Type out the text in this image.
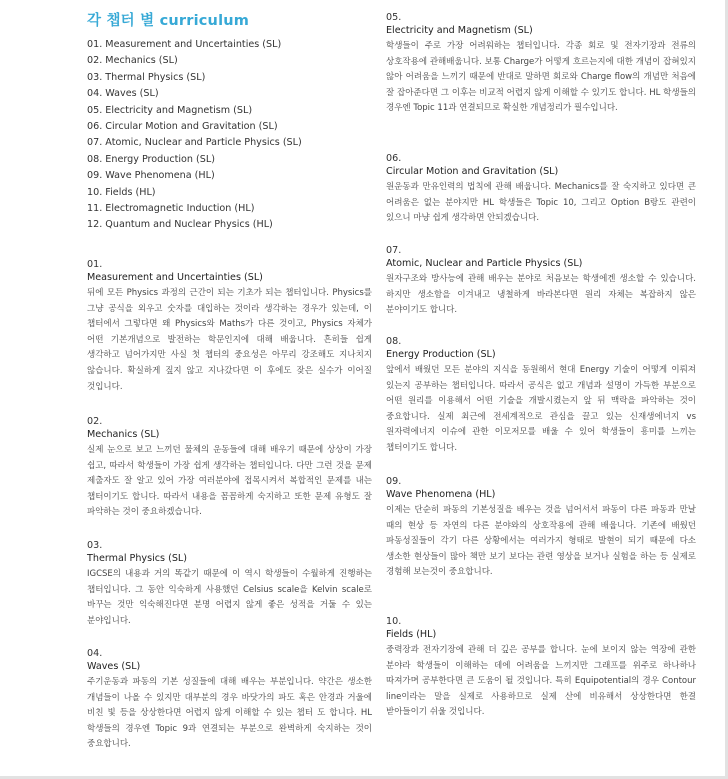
각 챕터 별 curriculum
01. Measurement and Uncertainties (SL)
02. Mechanics (SL)
03. Thermal Physics (SL)
04. Waves (SL)
05. Electricity and Magnetism (SL)
06. Circular Motion and Gravitation (SL)
07. Atomic, Nuclear and Particle Physics (SL)
08. Energy Production (SL)
09. Wave Phenomena (HL)
10. Fields (HL)
11. Electromagnetic Induction (HL)
12. Quantum and Nuclear Physics (HL)
01.
Measurement and Uncertainties (SL)
뒤에 모든 Physics 과정의 근간이 되는 기초가 되는 챕터입니다. Physics를 그냥 공식을 외우고 숫자를 대입하는 것이라 생각하는 경우가 있는데, 이 챕터에서 그렇다면 왜 Physics와 Maths가 다른 것이고, Physics 자체가 어떤 기본개념으로 발전하는 학문인지에 대해 배웁니다. 흔히들 쉽게 생각하고 넘어가지만 사실 첫 챕터의 중요성은 아무리 강조해도 지나치지 않습니다. 확실하게 짚지 않고 지나갔다면 이 후에도 잦은 실수가 이어질 것입니다.
02.
Mechanics (SL)
실제 눈으로 보고 느끼던 물체의 운동들에 대해 배우기 때문에 상상이 가장 쉽고, 따라서 학생들이 가장 쉽게 생각하는 챕터입니다. 다만 그런 것을 문제 제출자도 잘 알고 있어 가장 여러분야에 접목시켜서 복합적인 문제를 내는 챕터이기도 합니다. 따라서 내용을 꼼꼼하게 숙지하고 또한 문제 유형도 잘 파악하는 것이 중요하겠습니다.
03.
Thermal Physics (SL)
IGCSE의 내용과 거의 똑같기 때문에 이 역시 학생들이 수월하게 진행하는 챕터입니다. 그 동안 익숙하게 사용했던 Celsius scale을 Kelvin scale로 바꾸는 것만 익숙해진다면 분명 어렵지 않게 좋은 성적을 거둘 수 있는 분야입니다.
04.
Waves (SL)
주기운동과 파동의 기본 성질들에 대해 배우는 부분입니다. 약간은 생소한 개념들이 나올 수 있지만 대부분의 경우 바닷가의 파도 혹은 안경과 거울에 비친 빛 등을 상상한다면 어렵지 않게 이해할 수 있는 챕터 도 합니다. HL 학생들의 경우엔 Topic 9과 연결되는 부분으로 완벽하게 숙지하는 것이 중요합니다.
05.
Electricity and Magnetism (SL)
학생들이 주로 가장 어려워하는 챕터입니다. 각종 회로 및 전자기장과 전류의 상호작용에 관해배웁니다. 보통 Charge가 어떻게 흐르는지에 대한 개념이 잡혀있지 않아 어려움을 느끼기 때문에 반대로 말하면 회로와 Charge flow의 개념만 처음에 잘 잡아준다면 그 이후는 비교적 어렵지 않게 이해할 수 있기도 합니다. HL 학생들의 경우엔 Topic 11과 연결되므로 확실한 개념정리가 필수입니다.
06.
Circular Motion and Gravitation (SL)
원운동과 만유인력의 법칙에 관해 배웁니다. Mechanics를 잘 숙지하고 있다면 큰 어려움은 없는 분야지만 HL 학생들은 Topic 10, 그리고 Option B랑도 관련이 있으니 마냥 쉽게 생각하면 안되겠습니다.
07.
Atomic, Nuclear and Particle Physics (SL)
원자구조와 방사능에 관해 배우는 분야로 처음보는 학생에겐 생소할 수 있습니다. 하지만 생소함을 이겨내고 냉철하게 바라본다면 원리 자체는 복잡하지 않은 분야이기도 합니다.
08.
Energy Production (SL)
앞에서 배웠던 모든 분야의 지식을 동원해서 현대 Energy 기술이 어떻게 이뤄져 있는지 공부하는 챕터입니다. 따라서 공식은 없고 개념과 설명이 가득한 부분으로 어떤 원리를 이용해서 어떤 기술을 개발시켰는지 앞 뒤 맥락을 파악하는 것이 중요합니다. 실제 최근에 전세계적으로 관심을 끌고 있는 신재생에너지 vs 원자력에너지 이슈에 관한 이모저모를 배울 수 있어 학생들이 흥미를 느끼는 챕터이기도 합니다.
09.
Wave Phenomena (HL)
이제는 단순히 파동의 기본성질을 배우는 것을 넘어서서 파동이 다른 파동과 만날 때의 현상 등 자연의 다른 분야와의 상호작용에 관해 배웁니다. 기존에 배웠던 파동성질들이 각기 다른 상황에서는 여러가지 형태로 발현이 되기 때문에 다소 생소한 현상들이 많아 책만 보기 보다는 관련 영상을 보거나 실험을 하는 등 실제로 경험해 보는것이 중요합니다.
10.
Fields (HL)
중력장과 전자기장에 관해 더 깊은 공부를 합니다. 눈에 보이지 않는 역장에 관한 분야라 학생들이 이해하는 데에 어려움을 느끼지만 그래프를 위주로 하나하나 따져가며 공부한다면 큰 도움이 될 것입니다. 특히 Equipotential의 경우 Contour line이라는 말을 실제로 사용하므로 실제 산에 비유해서 상상한다면 한결 받아들이기 쉬울 것입니다.
